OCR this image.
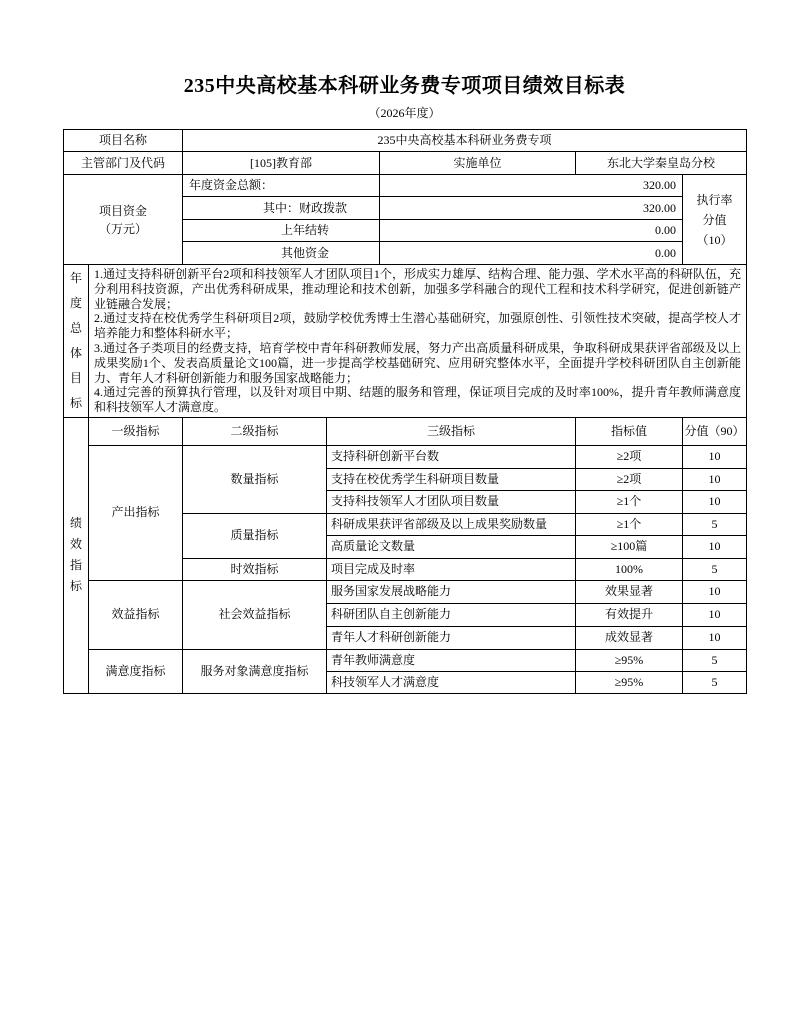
235中央高校基本科研业务费专项项目绩效目标表
（2026年度）
项目名称		235中央高校基本科研业务费专项				
主管部门及代码		[105]教育部		实施单位	东北大学秦皇岛分校	

项目资金
（万元）
	年度资金总额：	320.00	
执行率
分值
（10）

		其中：财政拨款		320.00		
		上年结转		0.00		
		其他资金		0.00		

年度总体目标	1.通过支持科研创新平台2项和科技领军人才团队项目1个，形成实力雄厚、结构合理、能力强、学术水平高的科研队伍，充分利用科技资源，产出优秀科研成果，推动理论和技术创新，加强多学科融合的现代工程和技术科学研究，促进创新链产业链融合发展；

2.通过支持在校优秀学生科研项目2项，鼓励学校优秀博士生潜心基础研究，加强原创性、引领性技术突破，提高学校人才培养能力和整体科研水平；

3.通过各子类项目的经费支持，培育学校中青年科研教师发展，努力产出高质量科研成果，争取科研成果获评省部级及以上成果奖励1个、发表高质量论文100篇，进一步提高学校基础研究、应用研究整体水平，全面提升学校科研团队自主创新能力、青年人才科研创新能力和服务国家战略能力；

4.通过完善的预算执行管理，以及针对项目中期、结题的服务和管理，保证项目完成的及时率100%，提升青年教师满意度和科技领军人才满意度。					

绩效指标	一级指标	二级指标	三级指标		指标值	分值（90）
	产出指标	数量指标	支持科研创新平台数		≥2项	10
			支持在校优秀学生科研项目数量		≥2项	10
			支持科技领军人才团队项目数量		≥1个	10
		质量指标	科研成果获评省部级及以上成果奖励数量		≥1个	5
			高质量论文数量		≥100篇	10
		时效指标	项目完成及时率		100%	5
	效益指标	社会效益指标	服务国家发展战略能力		效果显著	10
			科研团队自主创新能力		有效提升	10
			青年人才科研创新能力		成效显著	10
	满意度指标	服务对象满意度指标	青年教师满意度		≥95%	5
			科技领军人才满意度		≥95%	5
